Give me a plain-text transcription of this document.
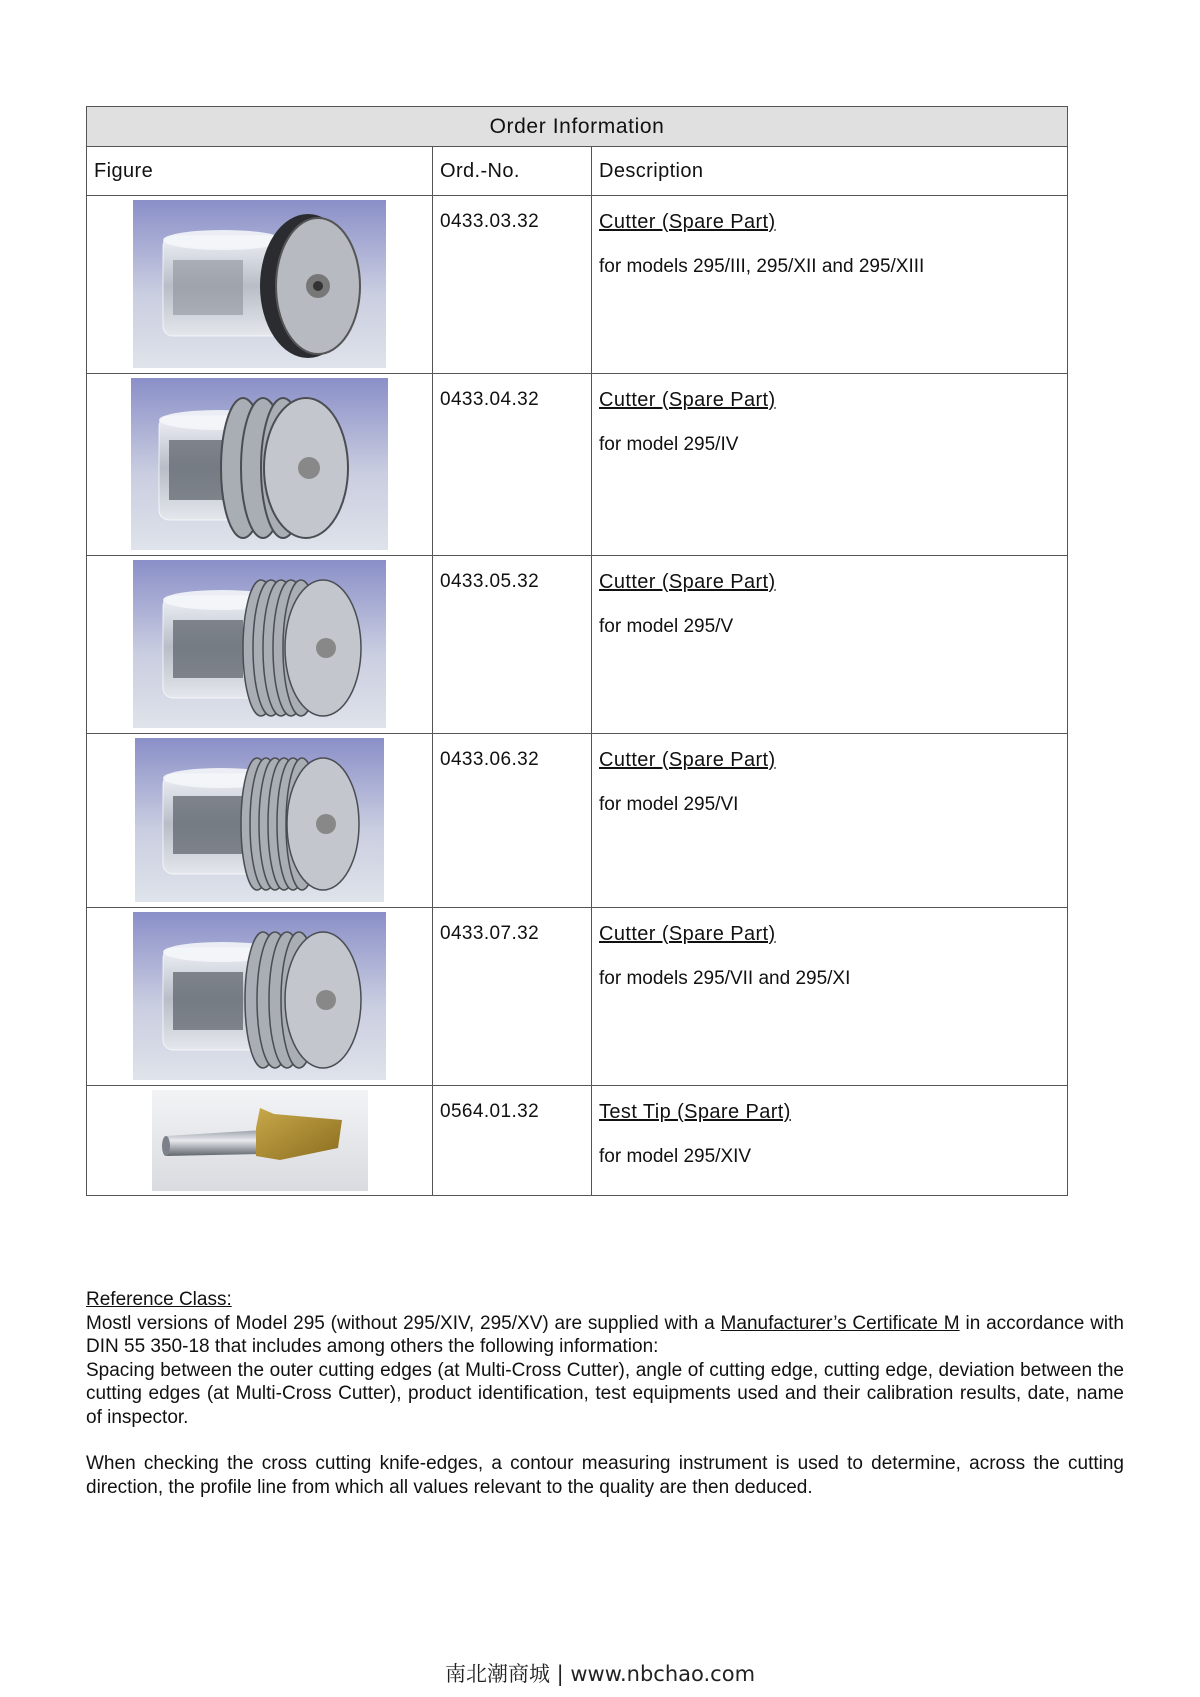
Order Information		
Figure	Ord.-No.	Description

	0433.03.32	Cutter (Spare Part)
for models 295/III, 295/XII and 295/XIII

	0433.04.32	Cutter (Spare Part)
for model 295/IV

	0433.05.32	Cutter (Spare Part)
for model 295/V

	0433.06.32	Cutter (Spare Part)
for model 295/VI

	0433.07.32	Cutter (Spare Part)
for models 295/VII and 295/XI

	0564.01.32	Test Tip (Spare Part)
for model 295/XIV

Reference Class:

Mostl versions of Model 295 (without 295/XIV, 295/XV) are supplied with a Manufacturer’s Certificate M in accordance with DIN 55 350-18 that includes among others the following information:

Spacing between the outer cutting edges (at Multi-Cross Cutter), angle of cutting edge, cutting edge, deviation between the cutting edges (at Multi-Cross Cutter), product identification, test equipments used and their calibration results, date, name of inspector.

When checking the cross cutting knife-edges, a contour measuring instrument is used to determine, across the cutting direction, the profile line from which all values relevant to the quality are then deduced.

南北潮商城 | www.nbchao.com
